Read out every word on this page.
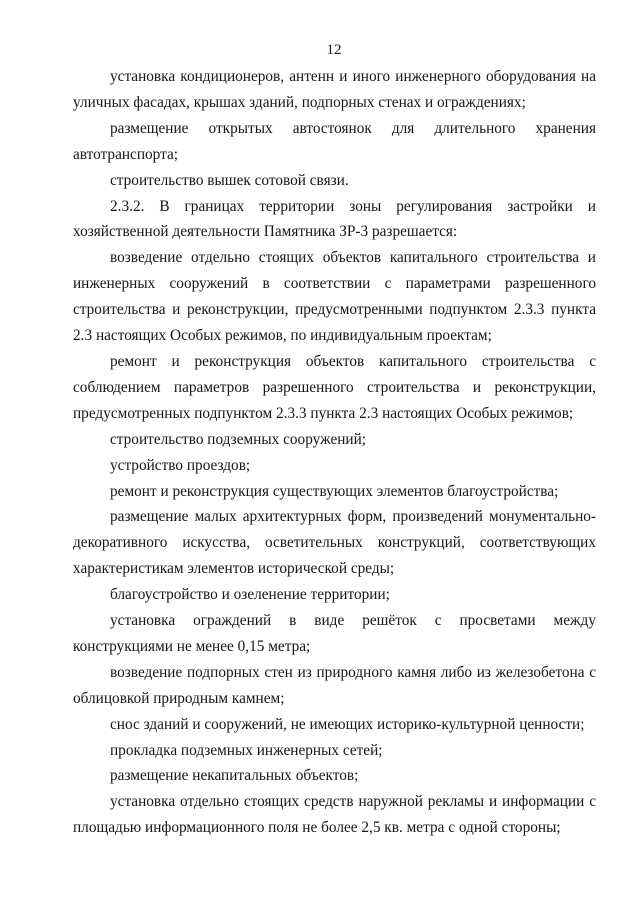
12

установка кондиционеров, антенн и иного инженерного оборудования на уличных фасадах, крышах зданий, подпорных стенах и ограждениях;

размещение открытых автостоянок для длительного хранения автотранспорта;

строительство вышек сотовой связи.

2.3.2. В границах территории зоны регулирования застройки и хозяйственной деятельности Памятника ЗР-3 разрешается:

возведение отдельно стоящих объектов капитального строительства и инженерных сооружений в соответствии с параметрами разрешенного строительства и реконструкции, предусмотренными подпунктом 2.3.3 пункта 2.3 настоящих Особых режимов, по индивидуальным проектам;

ремонт и реконструкция объектов капитального строительства с соблюдением параметров разрешенного строительства и реконструкции, предусмотренных подпунктом 2.3.3 пункта 2.3 настоящих Особых режимов;

строительство подземных сооружений;

устройство проездов;

ремонт и реконструкция существующих элементов благоустройства;

размещение малых архитектурных форм, произведений монументально-декоративного искусства, осветительных конструкций, соответствующих характеристикам элементов исторической среды;

благоустройство и озеленение территории;

установка ограждений в виде решёток с просветами между конструкциями не менее 0,15 метра;

возведение подпорных стен из природного камня либо из железобетона с облицовкой природным камнем;

снос зданий и сооружений, не имеющих историко-культурной ценности;

прокладка подземных инженерных сетей;

размещение некапитальных объектов;

установка отдельно стоящих средств наружной рекламы и информации с площадью информационного поля не более 2,5 кв. метра с одной стороны;
